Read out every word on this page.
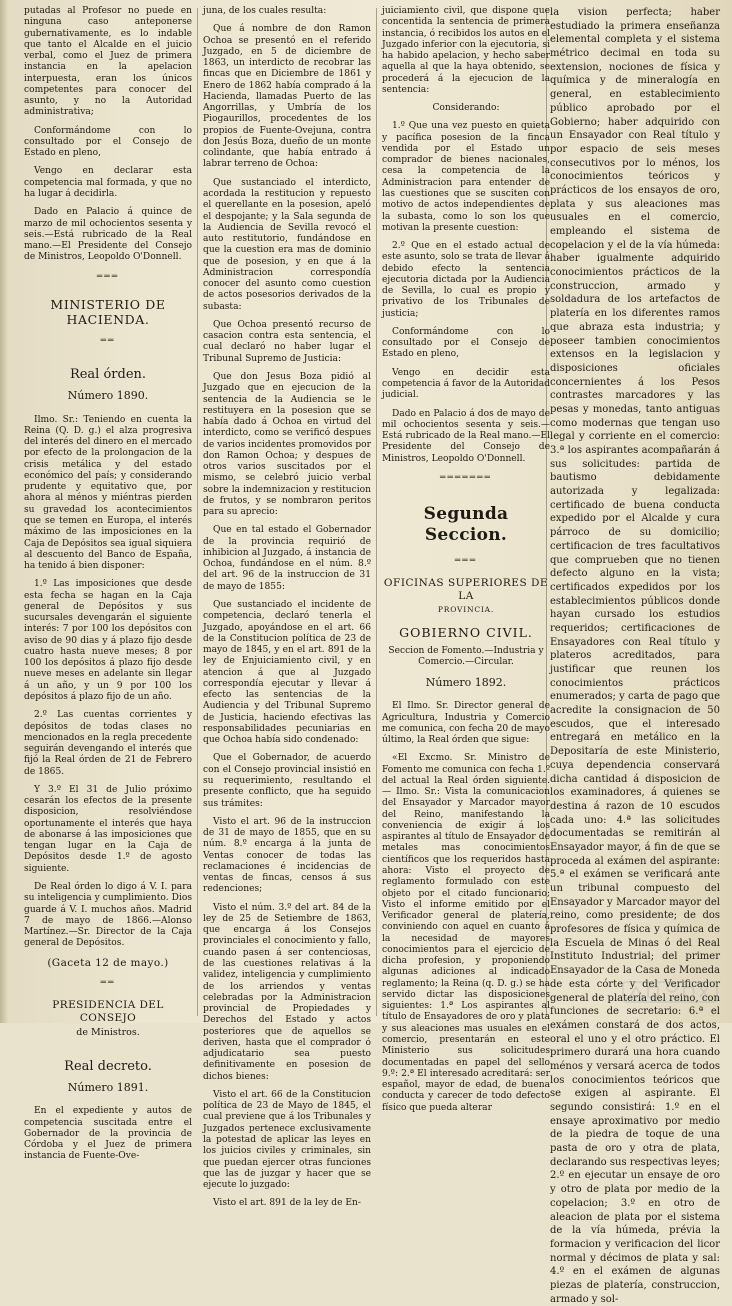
putadas al Profesor no puede en ninguna caso anteponerse gubernativamente, es lo indable que tanto el Alcalde en el juicio verbal, como el Juez de primera instancia en la apelacion interpuesta, eran los únicos competentes para conocer del asunto, y no la Autoridad administrativa;

Conformándome con lo consultado por el Consejo de Estado en pleno,

Vengo en declarar esta competencia mal formada, y que no ha lugar á decidirla.

Dado en Palacio á quince de marzo de mil ochocientos sesenta y seis.—Está rubricado de la Real mano.—El Presidente del Consejo de Ministros, Leopoldo O'Donnell.

═══
MINISTERIO DE HACIENDA.
══
Real órden.
Número 1890.

Ilmo. Sr.: Teniendo en cuenta la Reina (Q. D. g.) el alza progresiva del interés del dinero en el mercado por efecto de la prolongacion de la crisis metálica y del estado económico del país; y considerando prudente y equitativo que, por ahora al ménos y miéntras pierden su gravedad los acontecimientos que se temen en Europa, el interés máximo de las imposiciones en la Caja de Depósitos sea igual siquiera al descuento del Banco de España, ha tenido á bien disponer:

1.º Las imposiciones que desde esta fecha se hagan en la Caja general de Depósitos y sus sucursales devengarán el siguiente interés: 7 por 100 los depósitos con aviso de 90 dias y á plazo fijo desde cuatro hasta nueve meses; 8 por 100 los depósitos á plazo fijo desde nueve meses en adelante sin llegar á un año, y un 9 por 100 los depósitos á plazo fijo de un año.

2.º Las cuentas corrientes y depósitos de todas clases no mencionados en la regla precedente seguirán devengando el interés que fijó la Real órden de 21 de Febrero de 1865.

Y 3.º El 31 de Julio próximo cesarán los efectos de la presente disposicion, resolviéndose oportunamente el interés que haya de abonarse á las imposiciones que tengan lugar en la Caja de Depósitos desde 1.º de agosto siguiente.

De Real órden lo digo á V. I. para su inteligencia y cumplimiento. Dios guarde á V. I. muchos años. Madrid 7 de mayo de 1866.—Alonso Martínez.—Sr. Director de la Caja general de Depósitos.

(Gaceta 12 de mayo.)
══
PRESIDENCIA DEL CONSEJO
de Ministros.
Real decreto.
Número 1891.

En el expediente y autos de competencia suscitada entre el Gobernador de la provincia de Córdoba y el Juez de primera instancia de Fuente-Ove-

juna, de los cuales resulta:

Que á nombre de don Ramon Ochoa se presentó en el referido Juzgado, en 5 de diciembre de 1863, un interdicto de recobrar las fincas que en Diciembre de 1861 y Enero de 1862 había comprado á la Hacienda, llamadas Puerto de las Angorrillas, y Umbría de los Piogaurillos, procedentes de los propios de Fuente-Ovejuna, contra don Jesús Boza, dueño de un monte colindante, que había entrado á labrar terreno de Ochoa:

Que sustanciado el interdicto, acordada la restitucion y repuesto el querellante en la posesion, apeló el despojante; y la Sala segunda de la Audiencia de Sevilla revocó el auto restitutorio, fundándose en que la cuestion era mas de dominio que de posesion, y en que á la Administracion correspondía conocer del asunto como cuestion de actos posesorios derivados de la subasta:

Que Ochoa presentó recurso de casacion contra esta sentencia, el cual declaró no haber lugar el Tribunal Supremo de Justicia:

Que don Jesus Boza pidió al Juzgado que en ejecucion de la sentencia de la Audiencia se le restituyera en la posesion que se había dado á Ochoa en virtud del interdicto, como se verificó despues de varios incidentes promovidos por don Ramon Ochoa; y despues de otros varios suscitados por el mismo, se celebró juicio verbal sobre la indemnizacion y restitucion de frutos, y se nombraron peritos para su aprecio:

Que en tal estado el Gobernador de la provincia requirió de inhibicion al Juzgado, á instancia de Ochoa, fundándose en el núm. 8.º del art. 96 de la instruccion de 31 de mayo de 1855:

Que sustanciado el incidente de competencia, declaró tenerla el Juzgado, apoyándose en el art. 66 de la Constitucion política de 23 de mayo de 1845, y en el art. 891 de la ley de Enjuiciamiento civil, y en atencion á que al Juzgado correspondía ejecutar y llevar á efecto las sentencias de la Audiencia y del Tribunal Supremo de Justicia, haciendo efectivas las responsabilidades pecuniarias en que Ochoa había sido condenado:

Que el Gobernador, de acuerdo con el Consejo provincial insistió en su requerimiento, resultando el presente conflicto, que ha seguido sus trámites:

Visto el art. 96 de la instruccion de 31 de mayo de 1855, que en su núm. 8.º encarga á la junta de Ventas conocer de todas las reclamaciones é incidencias de ventas de fincas, censos á sus redenciones;

Visto el núm. 3.º del art. 84 de la ley de 25 de Setiembre de 1863, que encarga á los Consejos provinciales el conocimiento y fallo, cuando pasen á ser contenciosas, de las cuestiones relativas á la validez, inteligencia y cumplimiento de los arriendos y ventas celebradas por la Administracion provincial de Propiedades y Derechos del Estado y actos posteriores que de aquellos se deriven, hasta que el comprador ó adjudicatario sea puesto definitivamente en posesion de dichos bienes:

Visto el art. 66 de la Constitucion política de 23 de Mayo de 1845, el cual previene que á los Tribunales y Juzgados pertenece exclusivamente la potestad de aplicar las leyes en los juicios civiles y criminales, sin que puedan ejercer otras funciones que las de juzgar y hacer que se ejecute lo juzgado:

Visto el art. 891 de la ley de En-

juiciamiento civil, que dispone que concentida la sentencia de primera instancia, ó recibidos los autos en el Juzgado inferior con la ejecutoria, si ha habido apelacion, y hecho saber aquella al que la haya obtenido, se procederá á la ejecucion de la sentencia:

Considerando:

1.º Que una vez puesto en quieta y pacífica posesion de la finca vendida por el Estado un comprador de bienes nacionales, cesa la competencia de la Administracion para entender de las cuestiones que se susciten con motivo de actos independientes de la subasta, como lo son los que motivan la presente cuestion:

2.º Que en el estado actual de este asunto, solo se trata de llevar á debido efecto la sentencia ejecutoria dictada por la Audiencia de Sevilla, lo cual es propio y privativo de los Tribunales de justicia;

Conformándome con lo consultado por el Consejo de Estado en pleno,

Vengo en decidir esta competencia á favor de la Autoridad judicial.

Dado en Palacio á dos de mayo de mil ochocientos sesenta y seis.—Está rubricado de la Real mano.—El Presidente del Consejo de Ministros, Leopoldo O'Donnell.

═══════
Segunda Seccion.
═══
OFICINAS SUPERIORES DE LA
PROVINCIA.
GOBIERNO CIVIL.

Seccion de Fomento.—Industria y Comercio.—Circular.

Número 1892.

El Ilmo. Sr. Director general de Agricultura, Industria y Comercio me comunica, con fecha 20 de mayo último, la Real órden que sigue:

«El Excmo. Sr. Ministro de Fomento me comunica con fecha 1.º del actual la Real órden siguiente. — Ilmo. Sr.: Vista la comunicacion del Ensayador y Marcador mayor del Reino, manifestando la conveniencia de exigir á los aspirantes al título de Ensayador de metales mas conocimientos científicos que los requeridos hasta ahora: Visto el proyecto de reglamento formulado con este objeto por el citado funcionario; Visto el informe emitido por el Verificador general de platería, conviniendo con aquel en cuanto á la necesidad de mayores conocimientos para el ejercicio de dicha profesion, y proponiendo algunas adiciones al indicado reglamento; la Reina (q. D. g.) se ha servido dictar las disposiciones siguientes: 1.ª Los aspirantes al título de Ensayadores de oro y plata y sus aleaciones mas usuales en el comercio, presentarán en este Ministerio sus solicitudes documentadas en papel del sello 9.º: 2.ª El interesado acreditará: ser español, mayor de edad, de buena conducta y carecer de todo defecto físico que pueda alterar

la vision perfecta; haber estudiado la primera enseñanza elemental completa y el sistema métrico decimal en toda su extension, nociones de física y química y de mineralogía en general, en establecimiento público aprobado por el Gobierno; haber adquirido con un Ensayador con Real título y por espacio de seis meses consecutivos por lo ménos, los conocimientos teóricos y prácticos de los ensayos de oro, plata y sus aleaciones mas usuales en el comercio, empleando el sistema de copelacion y el de la vía húmeda: haber igualmente adquirido conocimientos prácticos de la construccion, armado y soldadura de los artefactos de platería en los diferentes ramos que abraza esta industria; y poseer tambien conocimientos extensos en la legislacion y disposiciones oficiales concernientes á los Pesos contrastes marcadores y las pesas y monedas, tanto antiguas como modernas que tengan uso legal y corriente en el comercio: 3.ª los aspirantes acompañarán á sus solicitudes: partida de bautismo debidamente autorizada y legalizada: certificado de buena conducta expedido por el Alcalde y cura párroco de su domicilio; certificacion de tres facultativos que comprueben que no tienen defecto alguno en la vista; certificados expedidos por los establecimientos públicos donde hayan cursado los estudios requeridos; certificaciones de Ensayadores con Real título y plateros acreditados, para justificar que reunen los conocimientos prácticos enumerados; y carta de pago que acredite la consignacion de 50 escudos, que el interesado entregará en metálico en la Depositaría de este Ministerio, cuya dependencia conservará dicha cantidad á disposicion de los examinadores, á quienes se destina á razon de 10 escudos cada uno: 4.ª las solicitudes documentadas se remitirán al Ensayador mayor, á fin de que se proceda al exámen del aspirante: 5.ª el exámen se verificará ante un tribunal compuesto del Ensayador y Marcador mayor del reino, como presidente; de dos profesores de física y química de la Escuela de Minas ó del Real Instituto Industrial; del primer Ensayador de la Casa de Moneda de esta córte y del Verificador general de platería del reino, con funciones de secretario: 6.ª el exámen constará de dos actos, oral el uno y el otro práctico. El primero durará una hora cuando ménos y versará acerca de todos los conocimientos teóricos que se exigen al aspirante. El segundo consistirá: 1.º en el ensaye aproximativo por medio de la piedra de toque de una pasta de oro y otra de plata, declarando sus respectivas leyes; 2.º en ejecutar un ensaye de oro y otro de plata por medio de la copelacion; 3.º en otro de aleacion de plata por el sistema de la vía húmeda, prévia la formacion y verificacion del licor normal y décimos de plata y sal: 4.º en el exámen de algunas piezas de platería, construccion, armado y sol-
